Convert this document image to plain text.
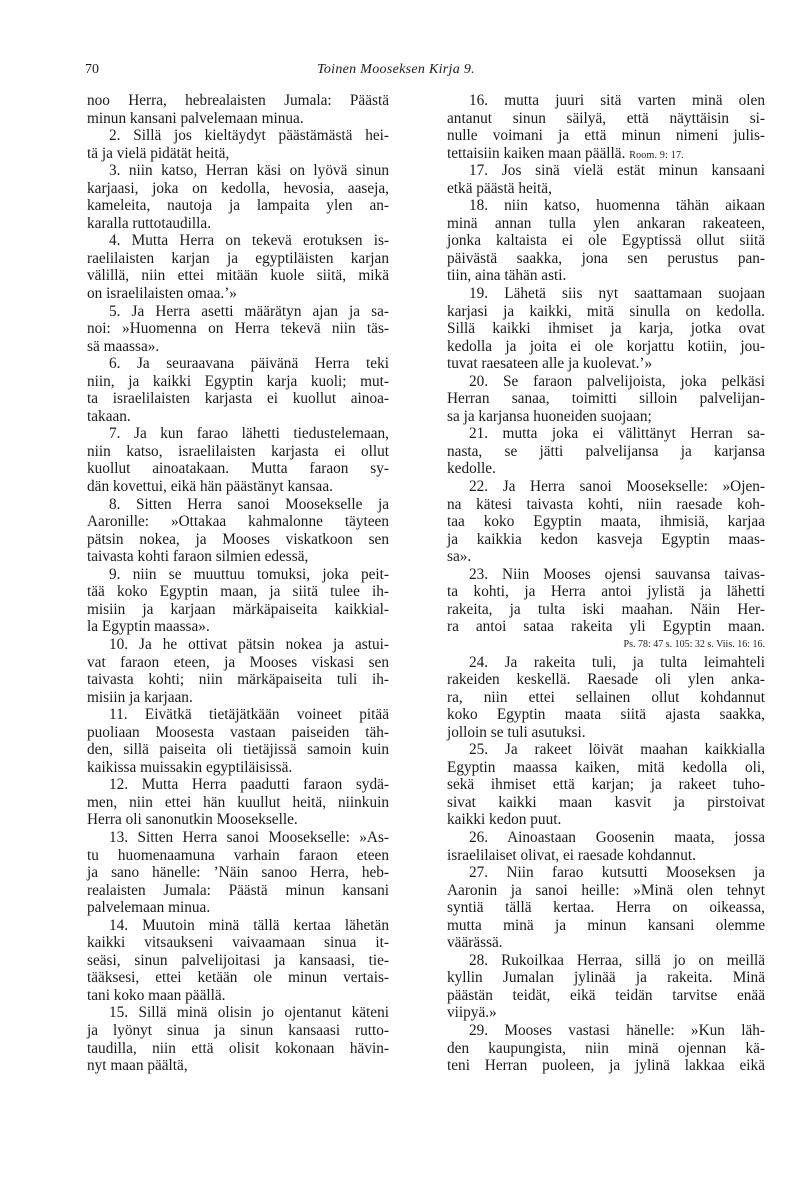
70	Toinen Mooseksen Kirja 9.
noo Herra, hebrealaisten Jumala: Päästä
minun kansani palvelemaan minua.
2. Sillä jos kieltäydyt päästämästä hei-
tä ja vielä pidätät heitä,
3. niin katso, Herran käsi on lyövä sinun
karjaasi, joka on kedolla, hevosia, aaseja,
kameleita, nautoja ja lampaita ylen an-
karalla ruttotaudilla.
4. Mutta Herra on tekevä erotuksen is-
raelilaisten karjan ja egyptiläisten karjan
välillä, niin ettei mitään kuole siitä, mikä
on israelilaisten omaa.’»
5. Ja Herra asetti määrätyn ajan ja sa-
noi: »Huomenna on Herra tekevä niin täs-
sä maassa».
6. Ja seuraavana päivänä Herra teki
niin, ja kaikki Egyptin karja kuoli; mut-
ta israelilaisten karjasta ei kuollut ainoa-
takaan.
7. Ja kun farao lähetti tiedustelemaan,
niin katso, israelilaisten karjasta ei ollut
kuollut ainoatakaan. Mutta faraon sy-
dän kovettui, eikä hän päästänyt kansaa.
8. Sitten Herra sanoi Moosekselle ja
Aaronille: »Ottakaa kahmalonne täyteen
pätsin nokea, ja Mooses viskatkoon sen
taivasta kohti faraon silmien edessä,
9. niin se muuttuu tomuksi, joka peit-
tää koko Egyptin maan, ja siitä tulee ih-
misiin ja karjaan märkäpaiseita kaikkial-
la Egyptin maassa».
10. Ja he ottivat pätsin nokea ja astui-
vat faraon eteen, ja Mooses viskasi sen
taivasta kohti; niin märkäpaiseita tuli ih-
misiin ja karjaan.
11. Eivätkä tietäjätkään voineet pitää
puoliaan Moosesta vastaan paiseiden täh-
den, sillä paiseita oli tietäjissä samoin kuin
kaikissa muissakin egyptiläisissä.
12. Mutta Herra paadutti faraon sydä-
men, niin ettei hän kuullut heitä, niinkuin
Herra oli sanonutkin Moosekselle.
13. Sitten Herra sanoi Moosekselle: »As-
tu huomenaamuna varhain faraon eteen
ja sano hänelle: ’Näin sanoo Herra, heb-
realaisten Jumala: Päästä minun kansani
palvelemaan minua.
14. Muutoin minä tällä kertaa lähetän
kaikki vitsaukseni vaivaamaan sinua it-
seäsi, sinun palvelijoitasi ja kansaasi, tie-
tääksesi, ettei ketään ole minun vertais-
tani koko maan päällä.
15. Sillä minä olisin jo ojentanut käteni
ja lyönyt sinua ja sinun kansaasi rutto-
taudilla, niin että olisit kokonaan hävin-
nyt maan päältä,
16. mutta juuri sitä varten minä olen
antanut sinun säilyä, että näyttäisin si-
nulle voimani ja että minun nimeni julis-
tettaisiin kaiken maan päällä. Room. 9: 17.
17. Jos sinä vielä estät minun kansaani
etkä päästä heitä,
18. niin katso, huomenna tähän aikaan
minä annan tulla ylen ankaran rakeateen,
jonka kaltaista ei ole Egyptissä ollut siitä
päivästä saakka, jona sen perustus pan-
tiin, aina tähän asti.
19. Lähetä siis nyt saattamaan suojaan
karjasi ja kaikki, mitä sinulla on kedolla.
Sillä kaikki ihmiset ja karja, jotka ovat
kedolla ja joita ei ole korjattu kotiin, jou-
tuvat raesateen alle ja kuolevat.’»
20. Se faraon palvelijoista, joka pelkäsi
Herran sanaa, toimitti silloin palvelijan-
sa ja karjansa huoneiden suojaan;
21. mutta joka ei välittänyt Herran sa-
nasta, se jätti palvelijansa ja karjansa
kedolle.
22. Ja Herra sanoi Moosekselle: »Ojen-
na kätesi taivasta kohti, niin raesade koh-
taa koko Egyptin maata, ihmisiä, karjaa
ja kaikkia kedon kasveja Egyptin maas-
sa».
23. Niin Mooses ojensi sauvansa taivas-
ta kohti, ja Herra antoi jylistä ja lähetti
rakeita, ja tulta iski maahan. Näin Her-
ra antoi sataa rakeita yli Egyptin maan.
Ps. 78: 47 s. 105: 32 s. Viis. 16: 16.
24. Ja rakeita tuli, ja tulta leimahteli
rakeiden keskellä. Raesade oli ylen anka-
ra, niin ettei sellainen ollut kohdannut
koko Egyptin maata siitä ajasta saakka,
jolloin se tuli asutuksi.
25. Ja rakeet löivät maahan kaikkialla
Egyptin maassa kaiken, mitä kedolla oli,
sekä ihmiset että karjan; ja rakeet tuho-
sivat kaikki maan kasvit ja pirstoivat
kaikki kedon puut.
26. Ainoastaan Goosenin maata, jossa
israelilaiset olivat, ei raesade kohdannut.
27. Niin farao kutsutti Mooseksen ja
Aaronin ja sanoi heille: »Minä olen tehnyt
syntiä tällä kertaa. Herra on oikeassa,
mutta minä ja minun kansani olemme
väärässä.
28. Rukoilkaa Herraa, sillä jo on meillä
kyllin Jumalan jylinää ja rakeita. Minä
päästän teidät, eikä teidän tarvitse enää
viipyä.»
29. Mooses vastasi hänelle: »Kun läh-
den kaupungista, niin minä ojennan kä-
teni Herran puoleen, ja jylinä lakkaa eikä
